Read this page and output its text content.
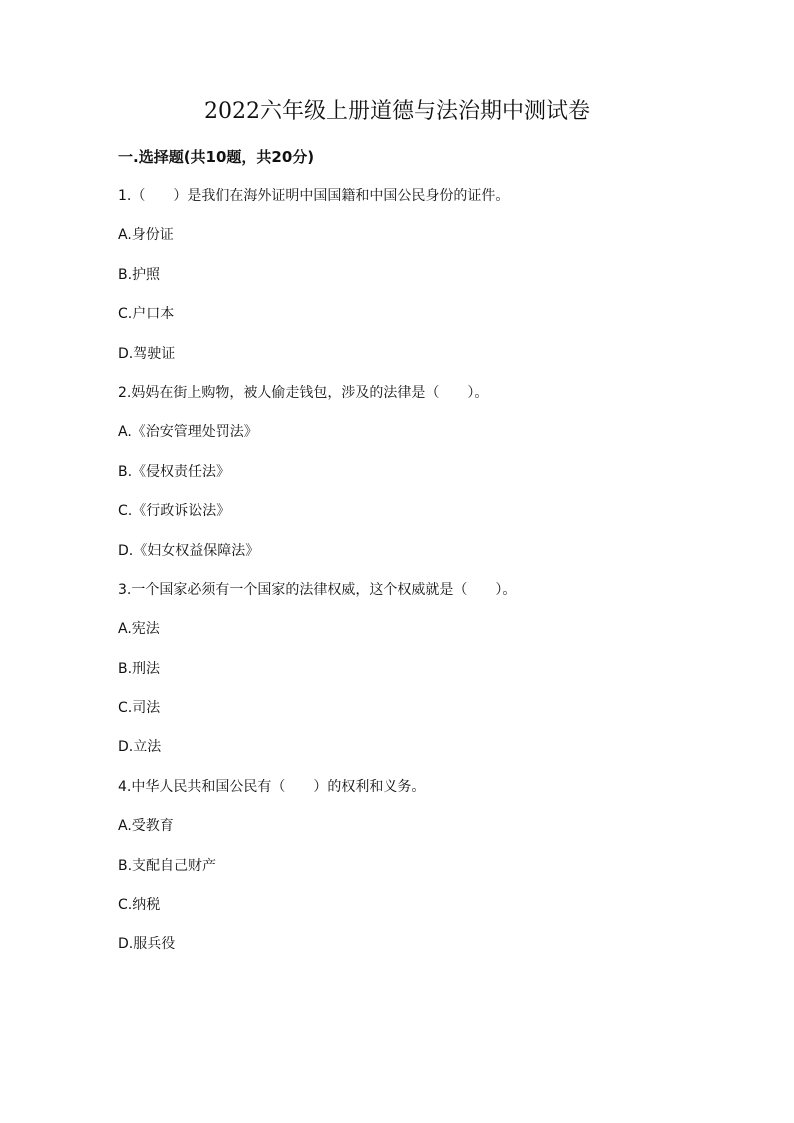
2022六年级上册道德与法治期中测试卷
一.选择题(共10题，共20分)
1.（　　）是我们在海外证明中国国籍和中国公民身份的证件。
A.身份证
B.护照
C.户口本
D.驾驶证
2.妈妈在街上购物，被人偷走钱包，涉及的法律是（　　）。
A.《治安管理处罚法》
B.《侵权责任法》
C.《行政诉讼法》
D.《妇女权益保障法》
3.一个国家必须有一个国家的法律权威，这个权威就是（　　）。
A.宪法
B.刑法
C.司法
D.立法
4.中华人民共和国公民有（　　）的权利和义务。
A.受教育
B.支配自己财产
C.纳税
D.服兵役
